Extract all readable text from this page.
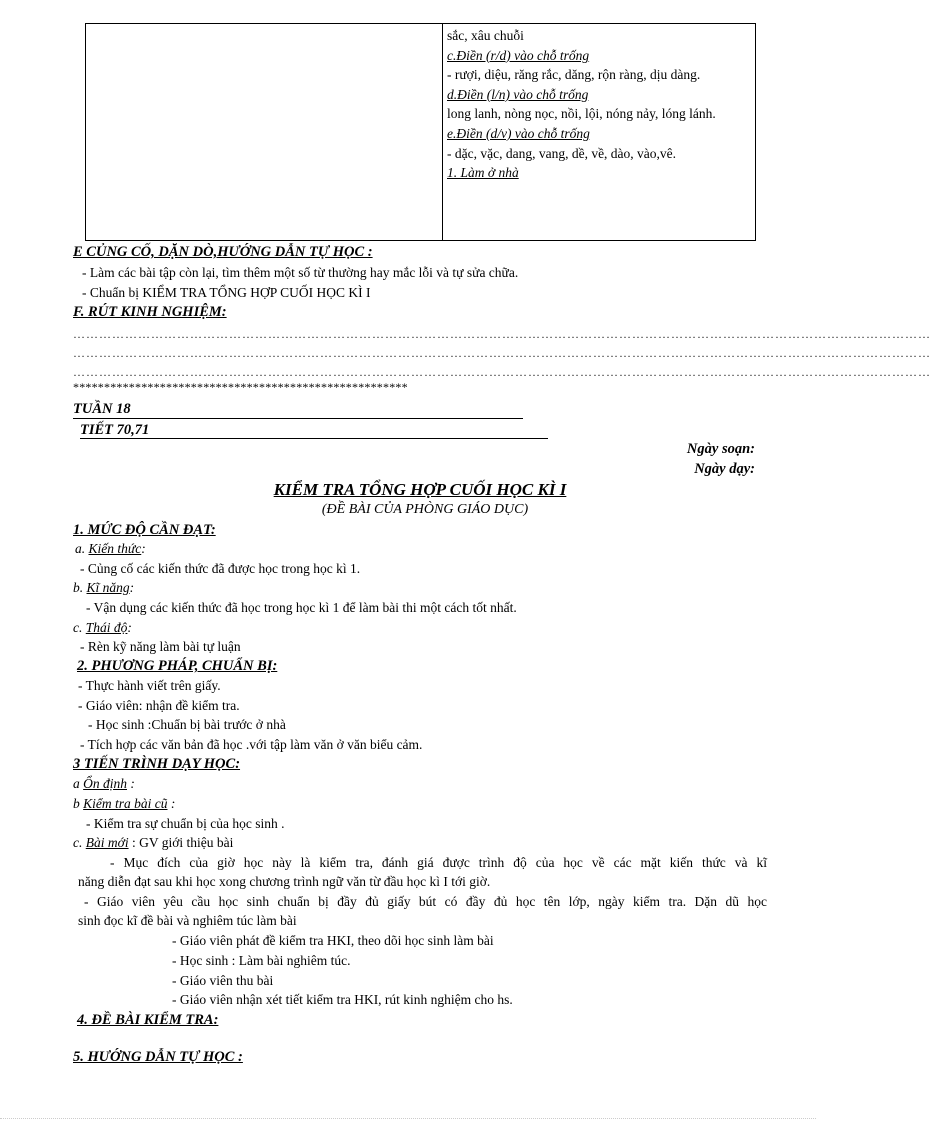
sắc, xâu chuỗi
c.Điền (r/d) vào chỗ trống
- rượi, diệu, răng rắc, dăng, rộn ràng, dịu dàng.
d.Điền (l/n) vào chỗ trống
long lanh, nòng nọc, nồi, lội, nóng nảy, lóng lánh.
e.Điền (d/v) vào chỗ trống
- dặc, vặc, dang, vang, dề, về, dào, vào,vê.
1. Làm ở nhà
E CỦNG CỐ, DẶN DÒ,HƯỚNG DẪN TỰ HỌC :
- Làm các bài tập còn lại, tìm thêm một số từ thường hay mắc lỗi và tự sửa chữa.
- Chuẩn bị KIỂM TRA TỔNG HỢP CUỐI HỌC KÌ I
F. RÚT KINH NGHIỆM:
………………………………………………………………………………………………………………………………………………………………………………
………………………………………………………………………………………………………………………………………………………………………………
………………………………………………………………………………………………………………………………………………………………………………
******************************************************
TUẦN 18
TIẾT 70,71
Ngày soạn:
Ngày dạy:
KIỂM TRA TỔNG HỢP CUỐI HỌC KÌ I
(ĐỀ BÀI CỦA PHÒNG GIÁO DỤC)
1. MỨC ĐỘ CẦN ĐẠT:
a. Kiến thức:
- Củng cố các kiến thức đã được học trong học kì 1.
b. Kĩ năng:
- Vận dụng các kiến thức đã học trong học kì 1 để làm bài thi một cách tốt nhất.
c. Thái độ:
- Rèn kỹ năng làm bài tự luận
2. PHƯƠNG PHÁP, CHUẨN BỊ:
- Thực hành viết trên giấy.
- Giáo viên: nhận đề kiểm tra.
- Học sinh :Chuẩn bị bài trước ở nhà
- Tích hợp các văn bản đã học .với tập làm văn ở văn biểu cảm.
3 TIẾN TRÌNH DẠY HỌC:
a Ổn định :
b Kiểm tra bài cũ :
- Kiểm tra sự chuẩn bị của học sinh .
c. Bài mới : GV giới thiệu bài
- Mục đích của giờ học này là kiểm tra, đánh giá được trình độ của học về các mặt kiến thức và kĩ
năng diễn đạt sau khi học xong chương trình ngữ văn từ đầu học kì I tới giờ.
- Giáo viên yêu cầu học sinh chuẩn bị đầy đủ giấy bút có đầy đủ học tên lớp, ngày kiểm tra. Dặn dũ học
sinh đọc kĩ đề bài và nghiêm túc làm bài
- Giáo viên phát đề kiểm tra HKI, theo dõi học sinh làm bài
- Học sinh : Làm bài nghiêm túc.
- Giáo viên thu bài
- Giáo viên nhận xét tiết kiểm tra HKI, rút kinh nghiệm cho hs.
4. ĐỀ BÀI KIỂM TRA:
5. HƯỚNG DẪN TỰ HỌC :
